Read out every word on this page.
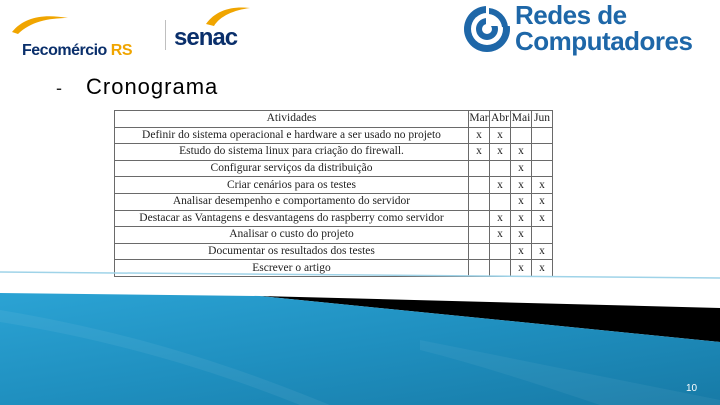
Fecomércio RS senac
Redes de
Computadores
- Cronograma
Atividades	Mar	Abr	Mai	Jun
Definir do sistema operacional e hardware a ser usado no projeto	x	x		
Estudo do sistema linux para criação do firewall.	x	x	x	
Configurar serviços da distribuição			x	
Criar cenários para os testes		x	x	x
Analisar desempenho e comportamento do servidor			x	x
Destacar as Vantagens e desvantagens do raspberry como servidor		x	x	x
Analisar o custo do projeto		x	x	
Documentar os resultados dos testes			x	x
Escrever o artigo			x	x
10
